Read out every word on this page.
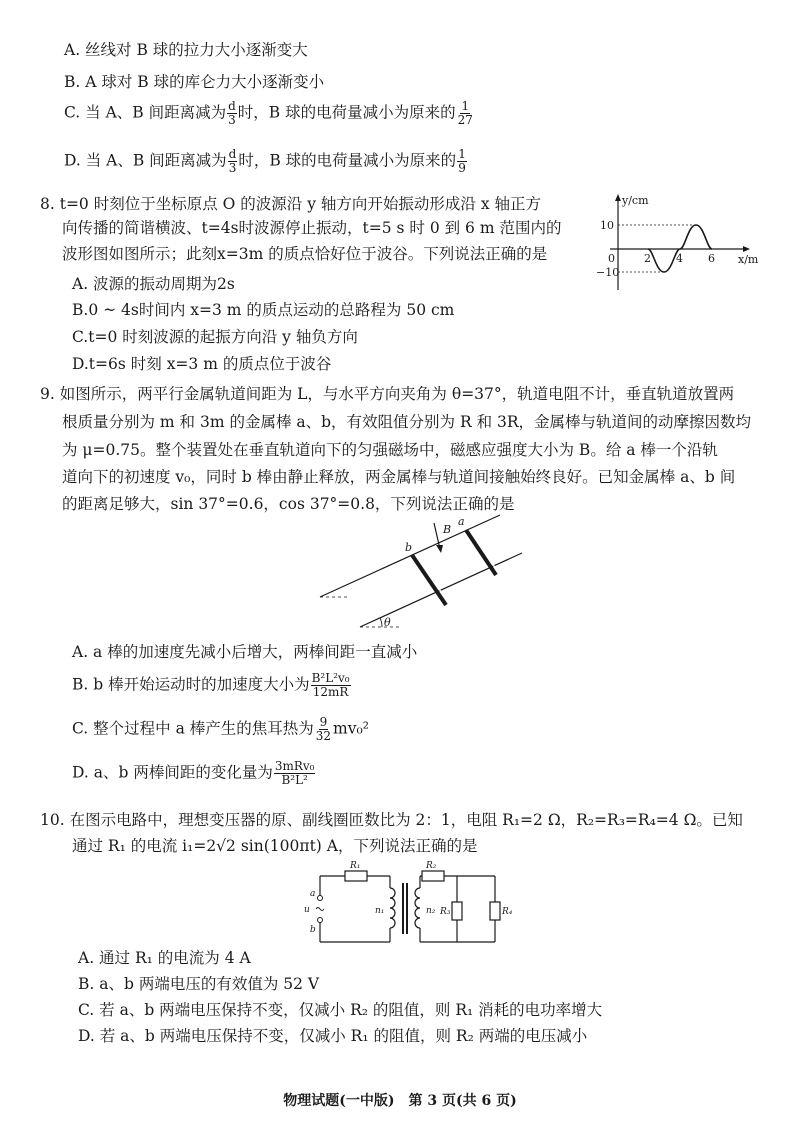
A. 丝线对 B 球的拉力大小逐渐变大
B. A 球对 B 球的库仑力大小逐渐变小
C. 当 A、B 间距离减为 $\frac{d}{3}$ 时，B 球的电荷量减小为原来的 $\frac{1}{27}$
D. 当 A、B 间距离减为 $\frac{d}{3}$ 时，B 球的电荷量减小为原来的 $\frac{1}{9}$
8. t=0 时刻位于坐标原点 O 的波源沿 y 轴方向开始振动形成沿 x 轴正方
向传播的简谐横波、t=4s时波源停止振动，t=5 s 时 0 到 6 m 范围内的
波形图如图所示；此刻x=3m 的质点恰好位于波谷。下列说法正确的是
A. 波源的振动周期为2s
B.0 ~ 4s时间内 x=3 m 的质点运动的总路程为 50 cm
C.t=0 时刻波源的起振方向沿 y 轴负方向
D.t=6s 时刻 x=3 m 的质点位于波谷
y/cm
x/m
10
−10
0	2 4 6
9. 如图所示，两平行金属轨道间距为 L，与水平方向夹角为 θ=37°，轨道电阻不计，垂直轨道放置两
根质量分别为 m 和 3m 的金属棒 a、b，有效阻值分别为 R 和 3R，金属棒与轨道间的动摩擦因数均
为 μ=0.75。整个装置处在垂直轨道向下的匀强磁场中，磁感应强度大小为 B。给 a 棒一个沿轨
道向下的初速度 v₀，同时 b 棒由静止释放，两金属棒与轨道间接触始终良好。已知金属棒 a、b 间
的距离足够大，sin 37°=0.6，cos 37°=0.8，下列说法正确的是
b
a
B
θ
A. a 棒的加速度先减小后增大，两棒间距一直减小
B. b 棒开始运动时的加速度大小为 $\frac{\text{B²L²v₀}}{12mR}$
C. 整个过程中 a 棒产生的焦耳热为 $\frac{9}{32} mv_0^2$
D. a、b 两棒间距的变化量为 $\frac{\text{3mRv₀}}{\text{B²L²}}$
10. 在图示电路中，理想变压器的原、副线圈匝数比为 2：1，电阻 R₁=2 Ω，R₂=R₃=R₄=4 Ω。已知
通过 R₁ 的电流 i₁=2√2 sin(100πt) A，下列说法正确的是
R₁	R₂
R₃	R₄
n₁	n₂
a
b
u
A. 通过 R₁ 的电流为 4 A
B. a、b 两端电压的有效值为 52 V
C. 若 a、b 两端电压保持不变，仅减小 R₂ 的阻值，则 R₁ 消耗的电功率增大
D. 若 a、b 两端电压保持不变，仅减小 R₁ 的阻值，则 R₂ 两端的电压减小
物理试题(一中版)　第 3 页(共 6 页)
